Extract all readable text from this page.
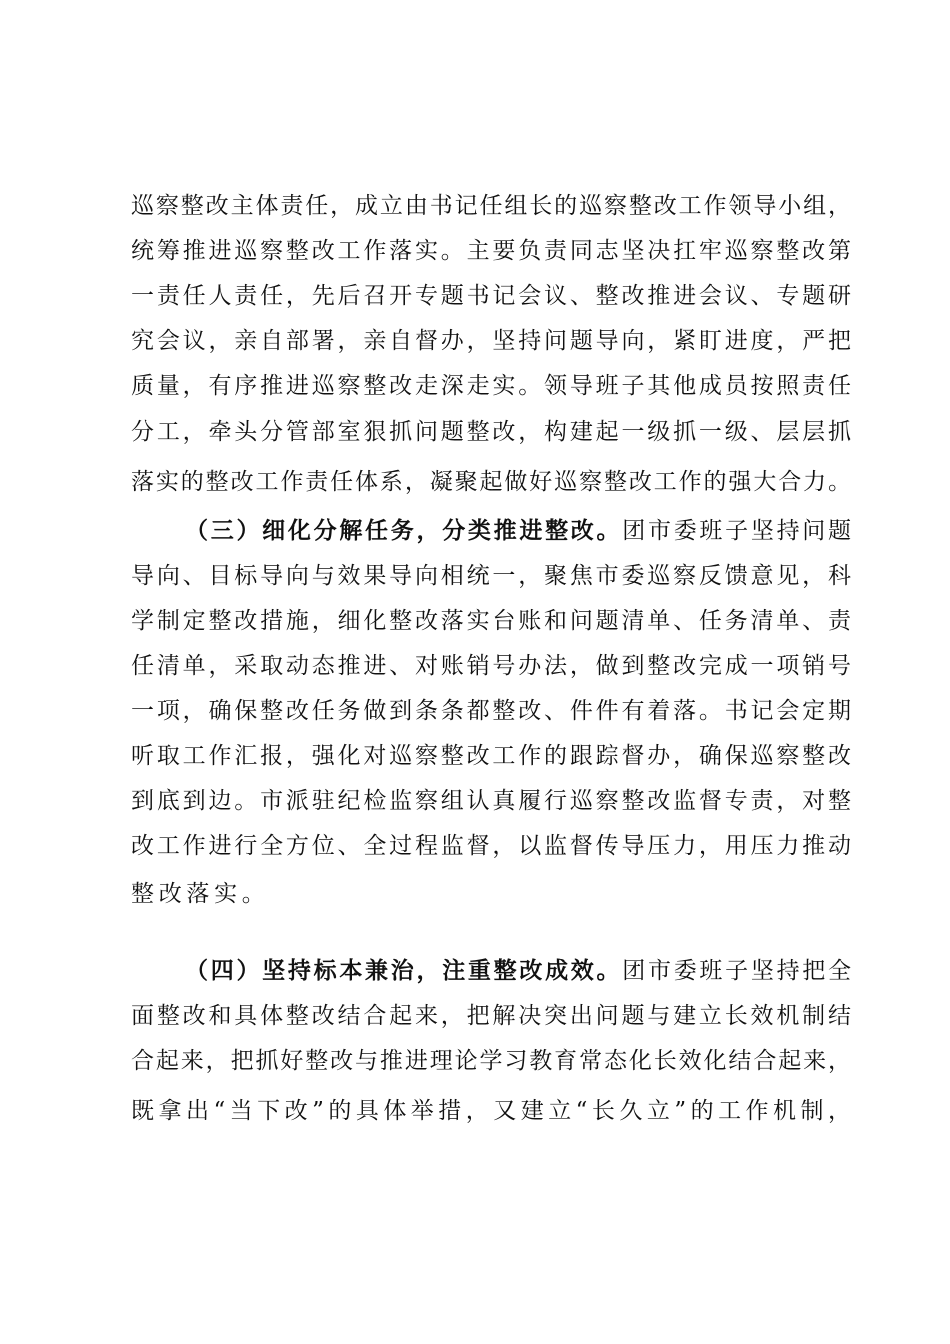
巡察整改主体责任，成立由书记任组长的巡察整改工作领导小组，
统筹推进巡察整改工作落实。主要负责同志坚决扛牢巡察整改第
一责任人责任，先后召开专题书记会议、整改推进会议、专题研
究会议，亲自部署，亲自督办，坚持问题导向，紧盯进度，严把
质量，有序推进巡察整改走深走实。领导班子其他成员按照责任
分工，牵头分管部室狠抓问题整改，构建起一级抓一级、层层抓
落实的整改工作责任体系，凝聚起做好巡察整改工作的强大合力。
（三）细化分解任务，分类推进整改。团市委班子坚持问题
导向、目标导向与效果导向相统一，聚焦市委巡察反馈意见，科
学制定整改措施，细化整改落实台账和问题清单、任务清单、责
任清单，采取动态推进、对账销号办法，做到整改完成一项销号
一项，确保整改任务做到条条都整改、件件有着落。书记会定期
听取工作汇报，强化对巡察整改工作的跟踪督办，确保巡察整改
到底到边。市派驻纪检监察组认真履行巡察整改监督专责，对整
改工作进行全方位、全过程监督，以监督传导压力，用压力推动
整改落实。
（四）坚持标本兼治，注重整改成效。团市委班子坚持把全
面整改和具体整改结合起来，把解决突出问题与建立长效机制结
合起来，把抓好整改与推进理论学习教育常态化长效化结合起来，
既拿出“当下改”的具体举措，又建立“长久立”的工作机制，
